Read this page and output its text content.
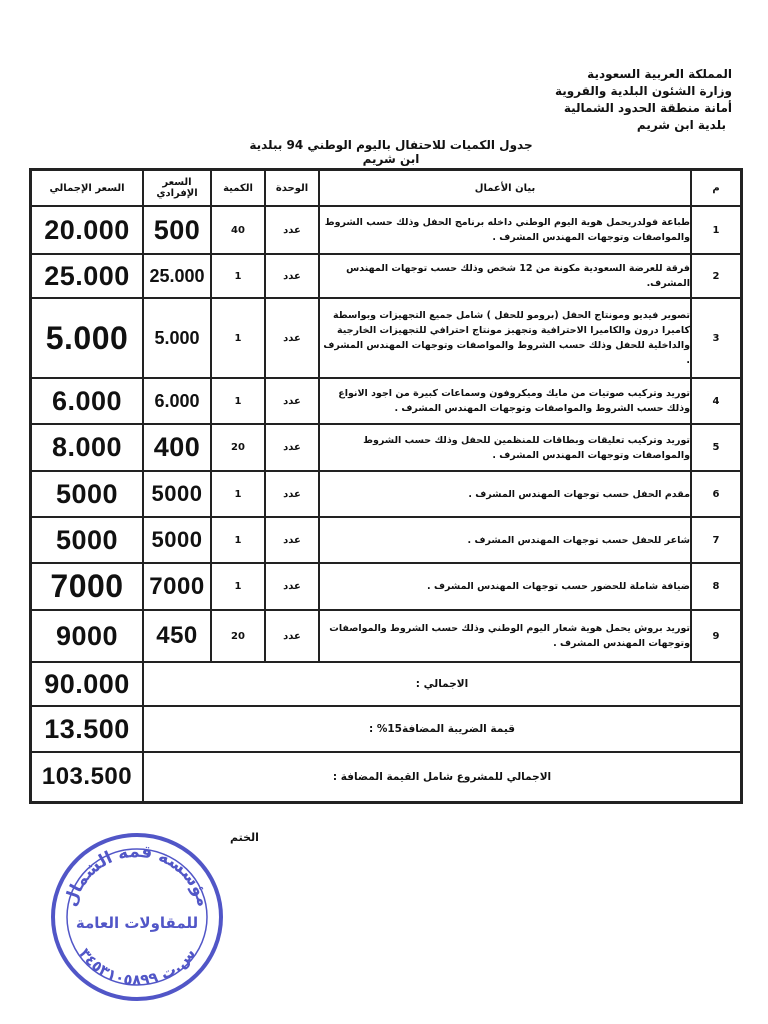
المملكة العربية السعودية
وزارة الشئون البلدية والقروية
أمانة منطقة الحدود الشمالية
بلدية ابن شريم
جدول الكميات للاحتفال باليوم الوطني 94 ببلدية ابن شريم
السعر الإجمالي	السعر الإفرادي	الكمية	الوحدة	بيان الأعمال	م
20.000	500	40	عدد	طباعة فولدريحمل هوية اليوم الوطني داخله برنامج الحفل وذلك حسب الشروط والمواصفات وتوجهات المهندس المشرف .	1
25.000	25.000	1	عدد	فرقة للعرضة السعودية مكونة من 12 شخص وذلك حسب توجهات المهندس المشرف.	2
5.000	5.000	1	عدد	تصوير فيديو ومونتاج الحفل (برومو للحفل ) شامل جميع التجهيزات وبواسطة كاميرا درون والكاميرا الاحترافية وتجهيز مونتاج احترافي للتجهيزات الخارجية والداخلية للحفل وذلك حسب الشروط والمواصفات وتوجهات المهندس المشرف .	3
6.000	6.000	1	عدد	توريد وتركيب صوتيات من مايك وميكروفون وسماعات كبيرة من اجود الانواع وذلك حسب الشروط والمواصفات وتوجهات المهندس المشرف .	4
8.000	400	20	عدد	توريد وتركيب تعليقات وبطاقات للمنظمين للحفل وذلك حسب الشروط والمواصفات وتوجهات المهندس المشرف .	5
5000	5000	1	عدد	مقدم الحفل حسب توجهات المهندس المشرف .	6
5000	5000	1	عدد	شاعر للحفل حسب توجهات المهندس المشرف .	7
7000	7000	1	عدد	ضيافة شاملة للحضور حسب توجهات المهندس المشرف .	8
9000	450	20	عدد	توريد بروش يحمل هوية شعار اليوم الوطني وذلك حسب الشروط والمواصفات وتوجهات المهندس المشرف .	9
90.000	الاجمالي :				
13.500	قيمة الضريبة المضافة15% :				
103.500	الاجمالي للمشروع شامل القيمة المضافة :				
الختم
مؤسسة قمة الشمال
للمقاولات العامة
س.ت ٣٤٥٣١٠٥٨٩٩
